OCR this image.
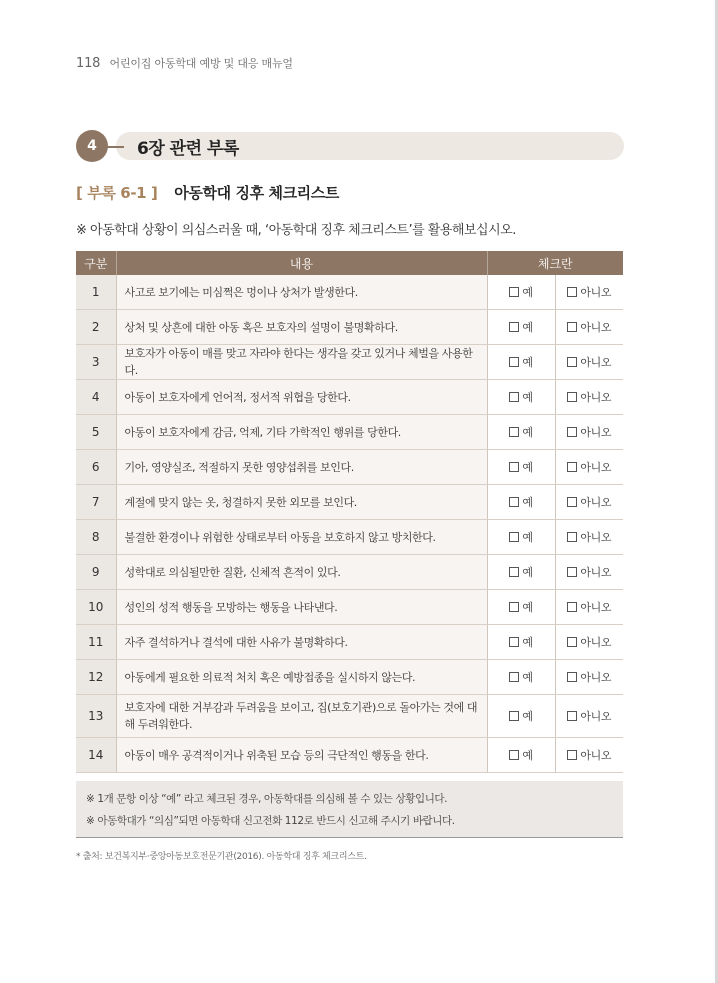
118 어린이집 아동학대 예방 및 대응 매뉴얼
4	6장 관련 부록
[ 부록 6-1 ] 아동학대 징후 체크리스트
※ 아동학대 상황이 의심스러울 때, ‘아동학대 징후 체크리스트’를 활용해보십시오.
구분	내용	체크란	
1	사고로 보기에는 미심쩍은 멍이나 상처가 발생한다.	예	아니오
2	상처 및 상흔에 대한 아동 혹은 보호자의 설명이 불명확하다.	예	아니오
3	보호자가 아동이 매를 맞고 자라야 한다는 생각을 갖고 있거나 체벌을 사용한다.	예	아니오
4	아동이 보호자에게 언어적, 정서적 위협을 당한다.	예	아니오
5	아동이 보호자에게 감금, 억제, 기타 가학적인 행위를 당한다.	예	아니오
6	기아, 영양실조, 적절하지 못한 영양섭취를 보인다.	예	아니오
7	계절에 맞지 않는 옷, 청결하지 못한 외모를 보인다.	예	아니오
8	불결한 환경이나 위험한 상태로부터 아동을 보호하지 않고 방치한다.	예	아니오
9	성학대로 의심될만한 질환, 신체적 흔적이 있다.	예	아니오
10	성인의 성적 행동을 모방하는 행동을 나타낸다.	예	아니오
11	자주 결석하거나 결석에 대한 사유가 불명확하다.	예	아니오
12	아동에게 필요한 의료적 처치 혹은 예방접종을 실시하지 않는다.	예	아니오
13	보호자에 대한 거부감과 두려움을 보이고, 집(보호기관)으로 돌아가는 것에 대해 두려워한다.	예	아니오
14	아동이 매우 공격적이거나 위축된 모습 등의 극단적인 행동을 한다.	예	아니오
※ 1개 문항 이상 “예” 라고 체크된 경우, 아동학대를 의심해 볼 수 있는 상황입니다.
※ 아동학대가 “의심”되면 아동학대 신고전화 112로 반드시 신고해 주시기 바랍니다.
* 출처: 보건복지부·중앙아동보호전문기관(2016). 아동학대 징후 체크리스트.
